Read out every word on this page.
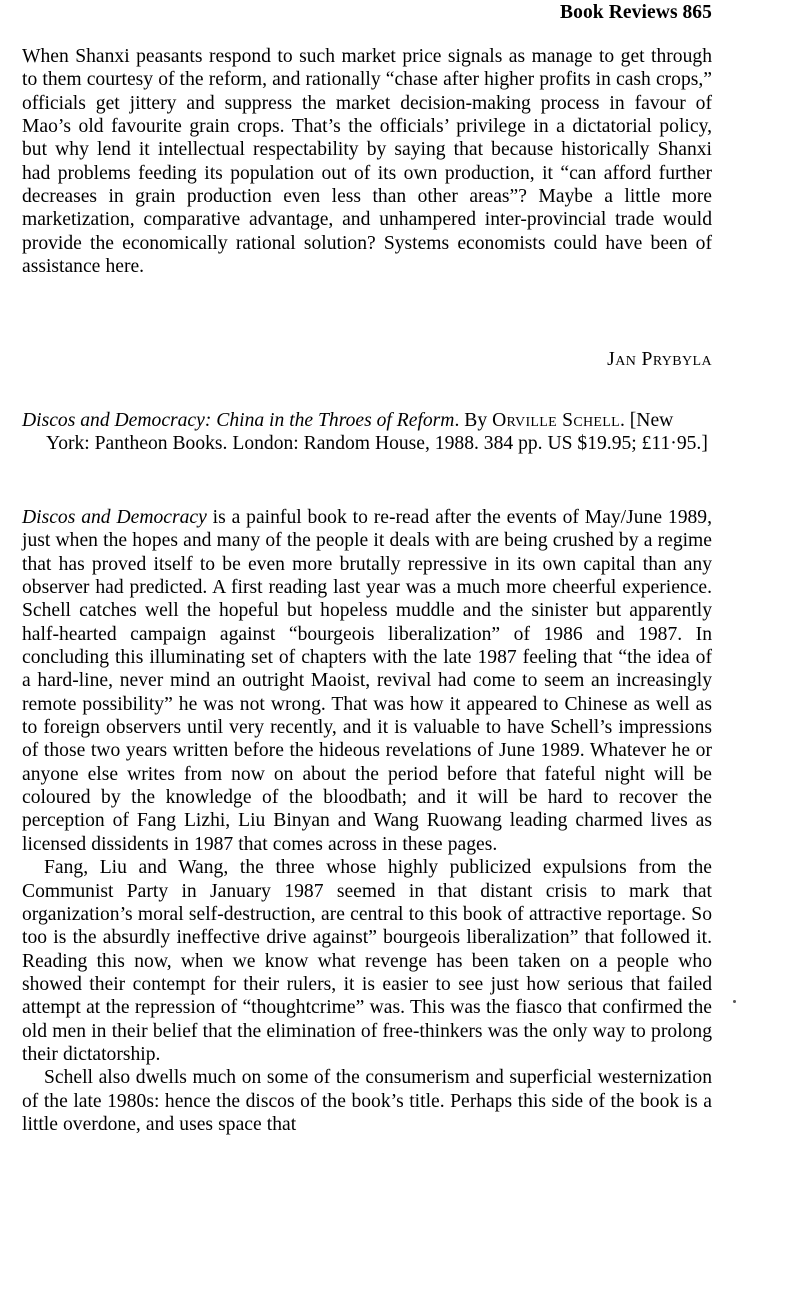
Book Reviews 865

When Shanxi peasants respond to such market price signals as manage to get through to them courtesy of the reform, and rationally “chase after higher profits in cash crops,” officials get jittery and suppress the market decision-making process in favour of Mao’s old favourite grain crops. That’s the officials’ privilege in a dictatorial policy, but why lend it intellectual respectability by saying that because historically Shanxi had problems feeding its population out of its own production, it “can afford further decreases in grain production even less than other areas”? Maybe a little more marketization, comparative advantage, and unhampered inter-provincial trade would provide the economically rational solution? Systems economists could have been of assistance here.

Jan Prybyla

Discos and Democracy: China in the Throes of Reform. By Orville Schell. [New York: Pantheon Books. London: Random House, 1988. 384 pp. US $19.95; £11·95.]

Discos and Democracy is a painful book to re-read after the events of May/June 1989, just when the hopes and many of the people it deals with are being crushed by a regime that has proved itself to be even more brutally repressive in its own capital than any observer had predicted. A first reading last year was a much more cheerful experience. Schell catches well the hopeful but hopeless muddle and the sinister but apparently half-hearted campaign against “bourgeois liberalization” of 1986 and 1987. In concluding this illuminating set of chapters with the late 1987 feeling that “the idea of a hard-line, never mind an outright Maoist, revival had come to seem an increasingly remote possibility” he was not wrong. That was how it appeared to Chinese as well as to foreign observers until very recently, and it is valuable to have Schell’s impressions of those two years written before the hideous revelations of June 1989. Whatever he or anyone else writes from now on about the period before that fateful night will be coloured by the knowledge of the bloodbath; and it will be hard to recover the perception of Fang Lizhi, Liu Binyan and Wang Ruowang leading charmed lives as licensed dissidents in 1987 that comes across in these pages.

Fang, Liu and Wang, the three whose highly publicized expulsions from the Communist Party in January 1987 seemed in that distant crisis to mark that organization’s moral self-destruction, are central to this book of attractive reportage. So too is the absurdly ineffective drive against” bourgeois liberalization” that followed it. Reading this now, when we know what revenge has been taken on a people who showed their contempt for their rulers, it is easier to see just how serious that failed attempt at the repression of “thoughtcrime” was. This was the fiasco that confirmed the old men in their belief that the elimination of free-thinkers was the only way to prolong their dictatorship.

Schell also dwells much on some of the consumerism and superficial westernization of the late 1980s: hence the discos of the book’s title. Perhaps this side of the book is a little overdone, and uses space that
